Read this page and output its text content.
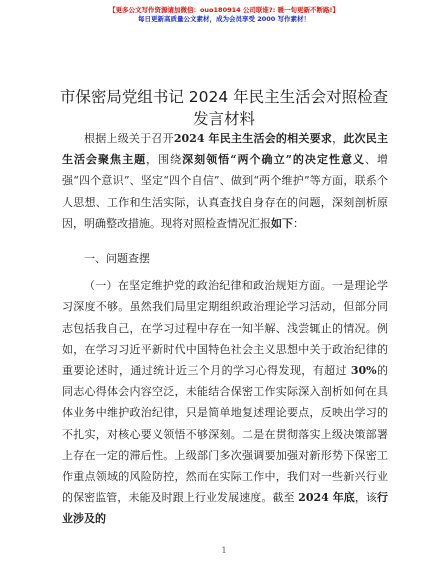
【更多公文写作资源请加微信：ouo180914 公司联谁?: 暖一旬更新不断路!】
每日更新高质量公文素材，成为会员享受 2000 写作素材！
市保密局党组书记 2024 年民主生活会对照检查
发言材料

根据上级关于召开2024 年民主生活会的相关要求，此次民主生活会聚焦主题，围绕深刻领悟“两个确立”的决定性意义、增强“四个意识”、坚定“四个自信”、做到“两个维护”等方面，联系个人思想、工作和生活实际，认真查找自身存在的问题，深刻剖析原因，明确整改措施。现将对照检查情况汇报如下：

一、问题查摆

（一）在坚定维护党的政治纪律和政治规矩方面。一是理论学习深度不够。虽然我们局里定期组织政治理论学习活动，但部分同志包括我自己，在学习过程中存在一知半解、浅尝辄止的情况。例如，在学习习近平新时代中国特色社会主义思想中关于政治纪律的重要论述时，通过统计近三个月的学习心得发现，有超过 30%的同志心得体会内容空泛，未能结合保密工作实际深入剖析如何在具体业务中维护政治纪律，只是简单地复述理论要点，反映出学习的不扎实，对核心要义领悟不够深刻。二是在贯彻落实上级决策部署上存在一定的滞后性。上级部门多次强调要加强对新形势下保密工作重点领域的风险防控，然而在实际工作中，我们对一些新兴行业的保密监管，未能及时跟上行业发展速度。截至 2024 年底，该行业涉及的

1
